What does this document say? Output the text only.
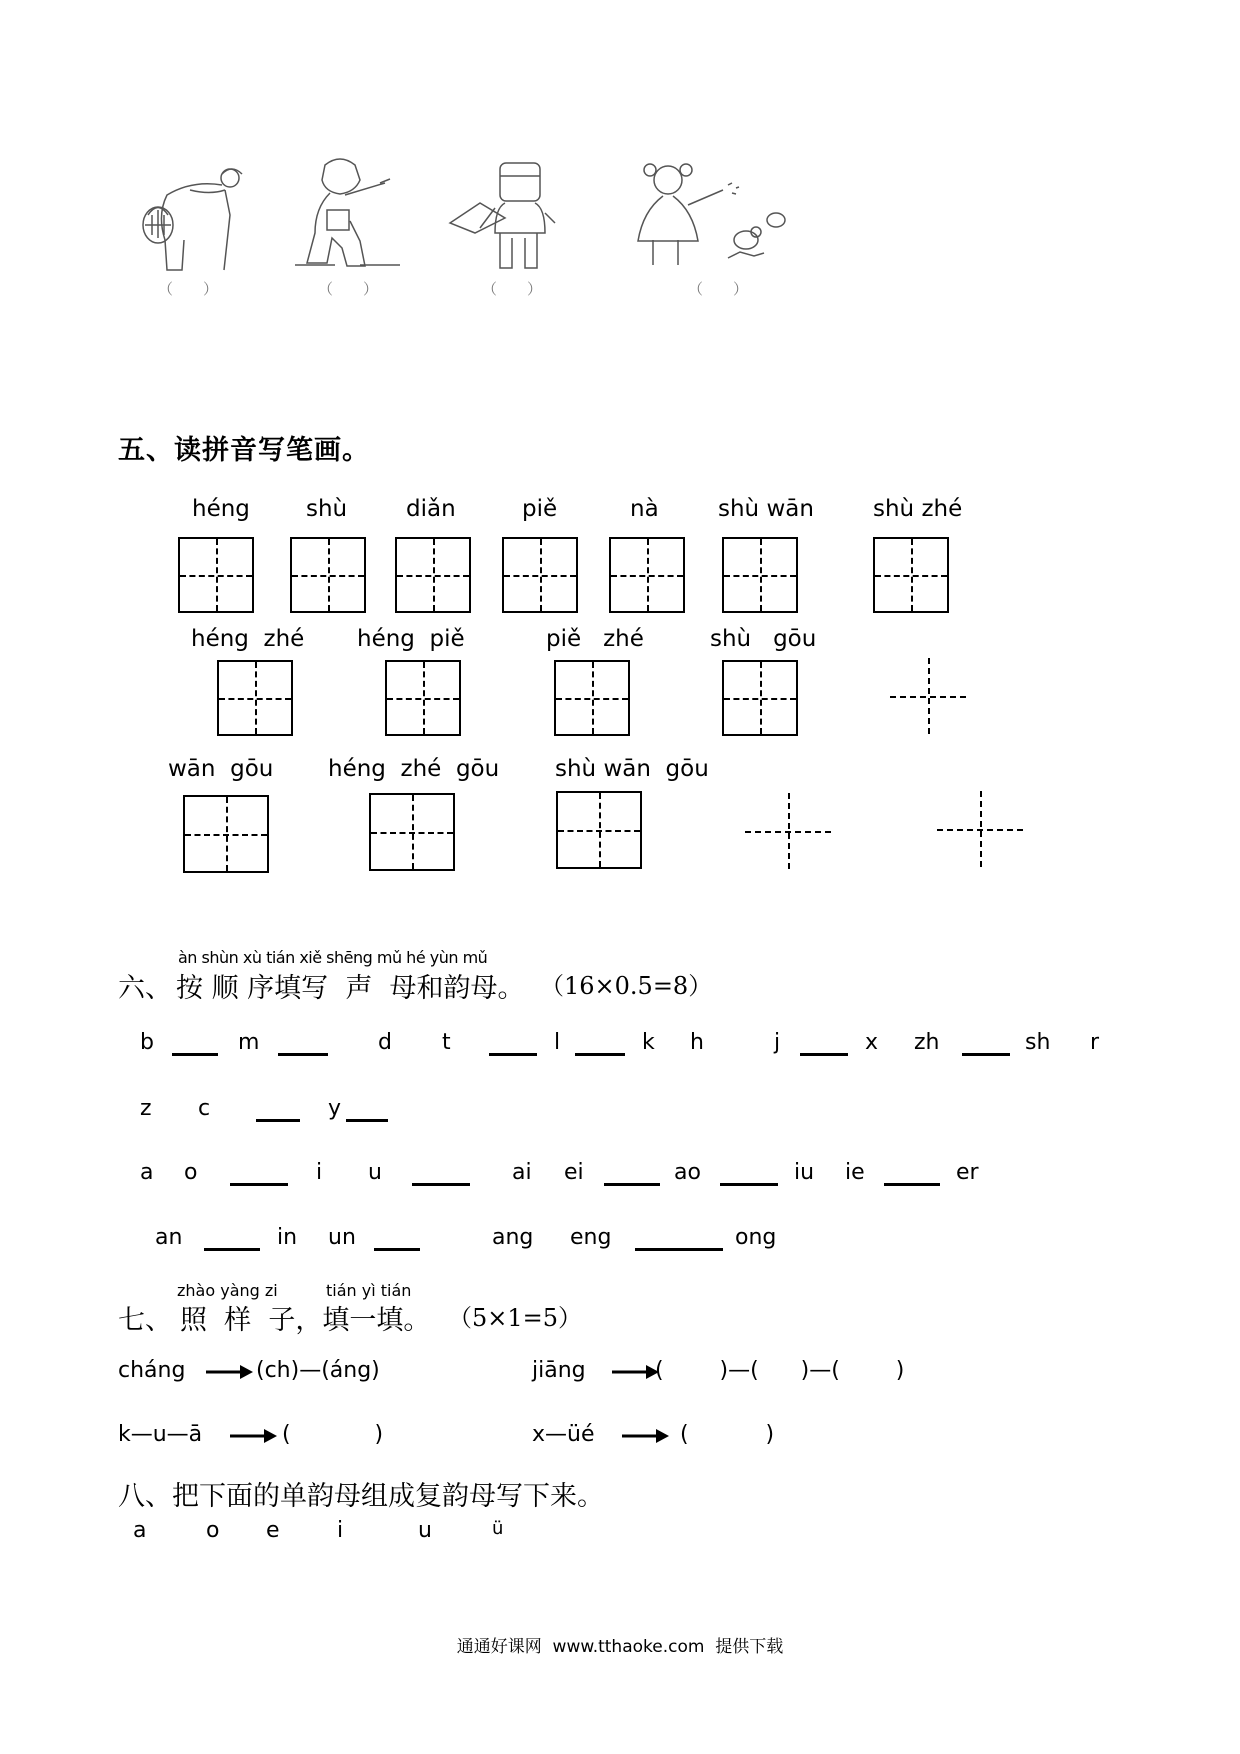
（　　）	（　　）	（　　）	（　　）
五、读拼音写笔画。
héng shù	diǎn	piě	nà	shù wān	shù zhé
héng  zhé héng  piě	piě   zhé	shù   gōu
wān  gōu héng  zhé  gōu shù wān  gōu
àn shùn xù tián xiě shēng mǔ hé yùn mǔ
六、 按 顺 序填写  声  母和韵母。 （16×0.5=8）
b	m	d t	l	k h	j	x zh	sh r
z c	y
a o	i u	ai ei	ao	iu ie	er
an	in un	ang eng	ong
zhào yàng zi	tián yì tián
七、 照  样  子，填一填。 （5×1=5）
cháng	(ch)—(áng)	jiāng	(        )—(      )—(        )
k—u—ā	(            )	x—üé	(           )
八、把下面的单韵母组成复韵母写下来。
a	o e	i	u	ü
通通好课网  www.tthaoke.com  提供下载
